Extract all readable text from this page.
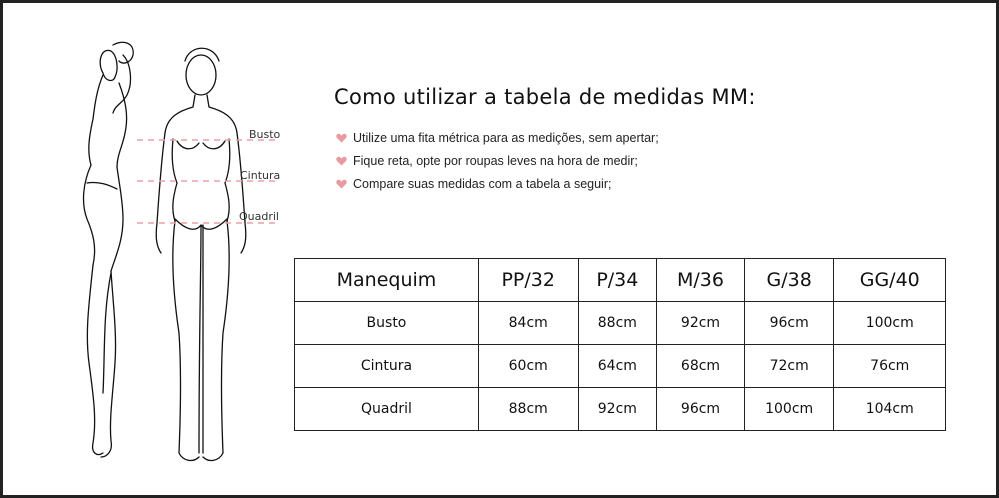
Busto
Cintura
Quadril
Como utilizar a tabela de medidas MM:
Utilize uma fita métrica para as medições, sem apertar;
Fique reta, opte por roupas leves na hora de medir;
Compare suas medidas com a tabela a seguir;
Manequim	PP/32	P/34	M/36	G/38	GG/40
Busto	84cm	88cm	92cm	96cm	100cm
Cintura	60cm	64cm	68cm	72cm	76cm
Quadril	88cm	92cm	96cm	100cm	104cm
